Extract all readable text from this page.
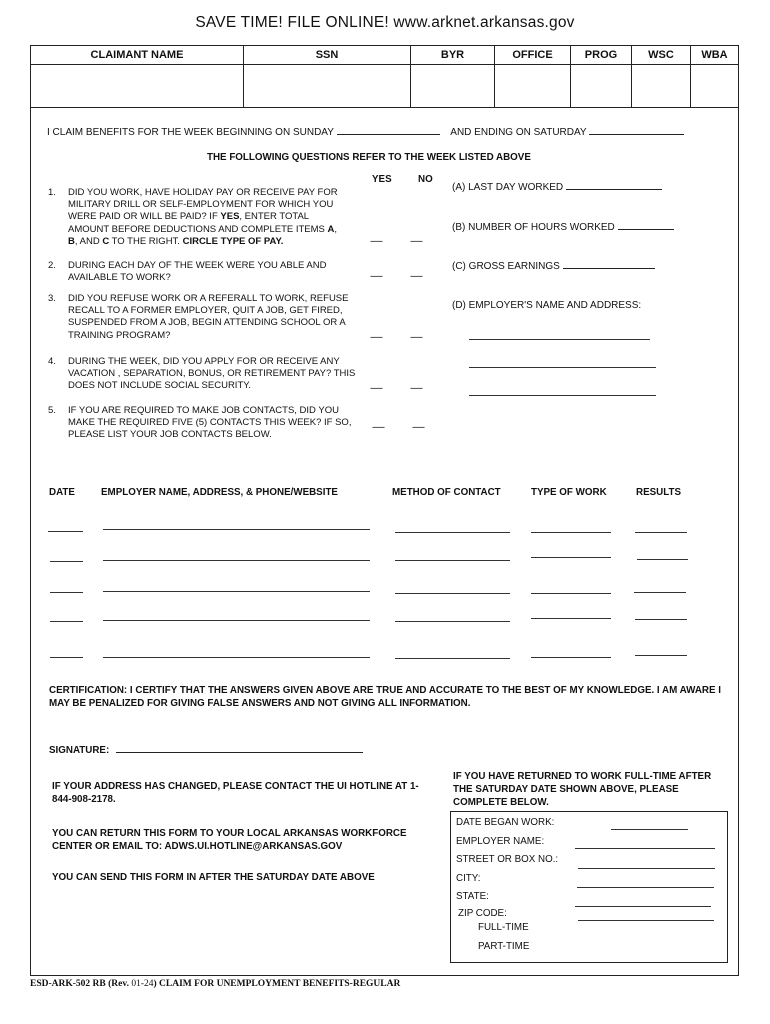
SAVE TIME! FILE ONLINE! www.arknet.arkansas.gov
CLAIMANT NAME	SSN	BYR	OFFICE	PROG	WSC	WBA

I CLAIM BENEFITS FOR THE WEEK BEGINNING ON SUNDAY	AND ENDING ON SATURDAY
THE FOLLOWING QUESTIONS REFER TO THE WEEK LISTED ABOVE
YES	NO
1. DID YOU WORK, HAVE HOLIDAY PAY OR RECEIVE PAY FOR
MILITARY DRILL OR SELF-EMPLOYMENT FOR WHICH YOU
WERE PAID OR WILL BE PAID? IF YES, ENTER TOTAL
AMOUNT BEFORE DEDUCTIONS AND COMPLETE ITEMS A,
B, AND C TO THE RIGHT. CIRCLE TYPE OF PAY.	------	------
2. DURING EACH DAY OF THE WEEK WERE YOU ABLE AND AVAILABLE TO WORK?	------	------
3. DID YOU REFUSE WORK OR A REFERALL TO WORK, REFUSE RECALL TO A FORMER EMPLOYER, QUIT A JOB, GET FIRED, SUSPENDED FROM A JOB, BEGIN ATTENDING SCHOOL OR A TRAINING PROGRAM?	------	------
4. DURING THE WEEK, DID YOU APPLY FOR OR RECEIVE ANY VACATION , SEPARATION, BONUS, OR RETIREMENT PAY? THIS DOES NOT INCLUDE SOCIAL SECURITY.	------	------
5. IF YOU ARE REQUIRED TO MAKE JOB CONTACTS, DID YOU MAKE THE REQUIRED FIVE (5) CONTACTS THIS WEEK? IF SO, PLEASE LIST YOUR JOB CONTACTS BELOW.
------	------
(A) LAST DAY WORKED
(B) NUMBER OF HOURS WORKED
(C) GROSS EARNINGS
(D) EMPLOYER'S NAME AND ADDRESS:
DATE	EMPLOYER NAME, ADDRESS, & PHONE/WEBSITE	METHOD OF CONTACT	TYPE OF WORK	RESULTS
CERTIFICATION: I CERTIFY THAT THE ANSWERS GIVEN ABOVE ARE TRUE AND ACCURATE TO THE BEST OF MY KNOWLEDGE. I AM AWARE I MAY BE PENALIZED FOR GIVING FALSE ANSWERS AND NOT GIVING ALL INFORMATION.
SIGNATURE:
IF YOUR ADDRESS HAS CHANGED, PLEASE CONTACT THE UI HOTLINE AT 1-844-908-2178.
YOU CAN RETURN THIS FORM TO YOUR LOCAL ARKANSAS WORKFORCE CENTER OR EMAIL TO: ADWS.UI.HOTLINE@ARKANSAS.GOV
YOU CAN SEND THIS FORM IN AFTER THE SATURDAY DATE ABOVE
IF YOU HAVE RETURNED TO WORK FULL-TIME AFTER THE SATURDAY DATE SHOWN ABOVE, PLEASE COMPLETE BELOW.
DATE BEGAN WORK:
EMPLOYER NAME:
STREET OR BOX NO.:
CITY:
STATE:
ZIP CODE:
FULL-TIME
PART-TIME
ESD-ARK-502 RB (Rev. 01-24) CLAIM FOR UNEMPLOYMENT BENEFITS-REGULAR
